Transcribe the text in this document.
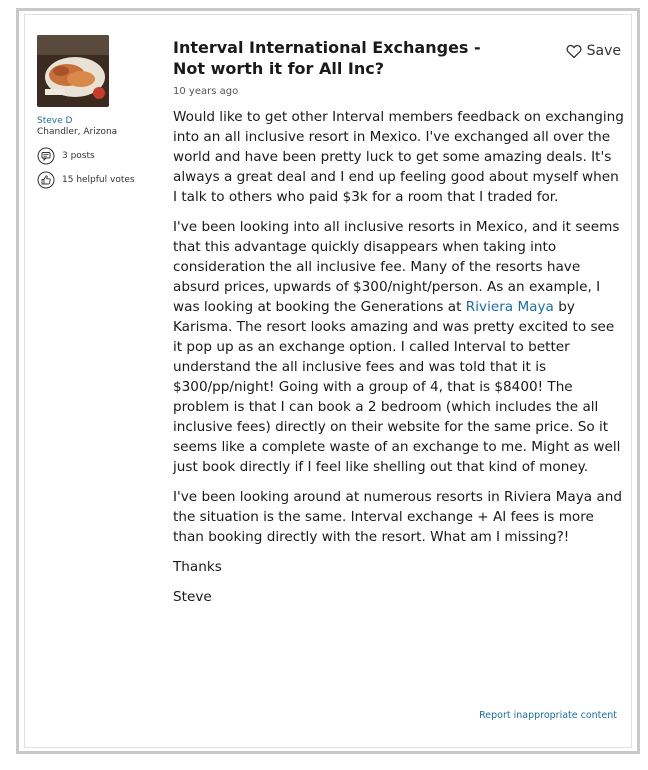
Steve D
Chandler, Arizona
3 posts
15 helpful votes
Interval International Exchanges - Not worth it for All Inc?
10 years ago
Save

Would like to get other Interval members feedback on exchanging into an all inclusive resort in Mexico. I've exchanged all over the world and have been pretty luck to get some amazing deals. It's always a great deal and I end up feeling good about myself when I talk to others who paid $3k for a room that I traded for.

I've been looking into all inclusive resorts in Mexico, and it seems that this advantage quickly disappears when taking into consideration the all inclusive fee. Many of the resorts have absurd prices, upwards of $300/night/person. As an example, I was looking at booking the Generations at Riviera Maya by Karisma. The resort looks amazing and was pretty excited to see it pop up as an exchange option. I called Interval to better understand the all inclusive fees and was told that it is $300/pp/night! Going with a group of 4, that is $8400! The problem is that I can book a 2 bedroom (which includes the all inclusive fees) directly on their website for the same price. So it seems like a complete waste of an exchange to me. Might as well just book directly if I feel like shelling out that kind of money.

I've been looking around at numerous resorts in Riviera Maya and the situation is the same. Interval exchange + AI fees is more than booking directly with the resort. What am I missing?!

Thanks

Steve

Report inappropriate content
